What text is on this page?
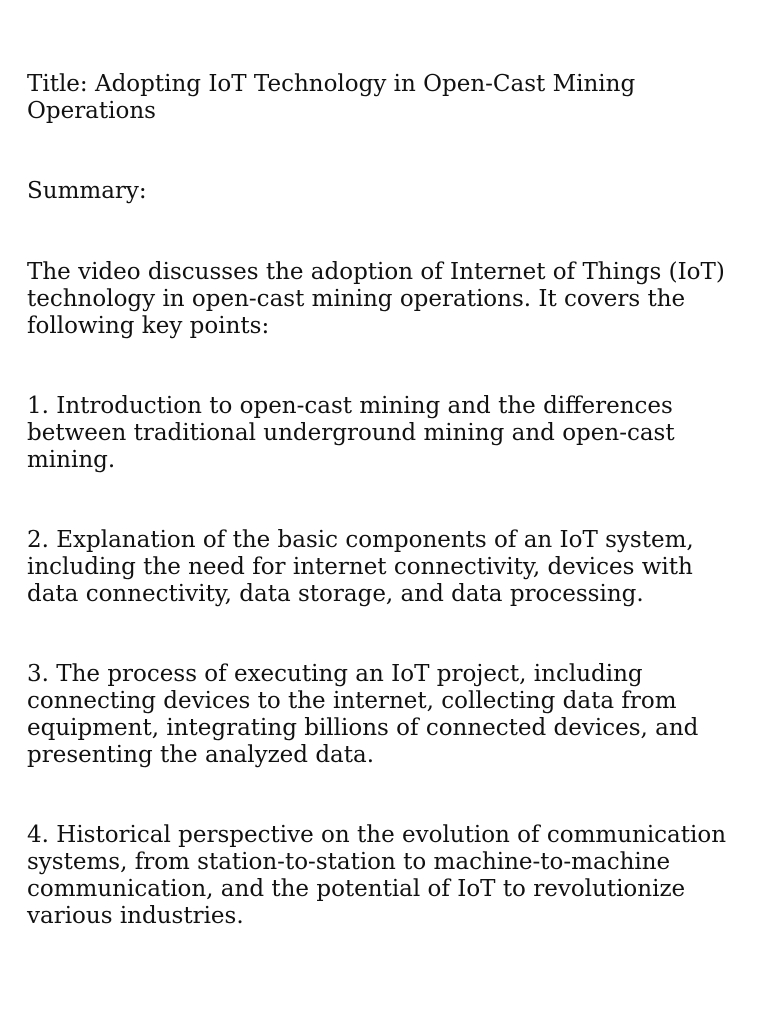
Title: Adopting IoT Technology in Open-Cast Mining Operations

Summary:

The video discusses the adoption of Internet of Things (IoT) technology in open-cast mining operations. It covers the following key points:

1. Introduction to open-cast mining and the differences between traditional underground mining and open-cast mining.

2. Explanation of the basic components of an IoT system, including the need for internet connectivity, devices with data connectivity, data storage, and data processing.

3. The process of executing an IoT project, including connecting devices to the internet, collecting data from equipment, integrating billions of connected devices, and presenting the analyzed data.

4. Historical perspective on the evolution of communication systems, from station-to-station to machine-to-machine communication, and the potential of IoT to revolutionize various industries.
